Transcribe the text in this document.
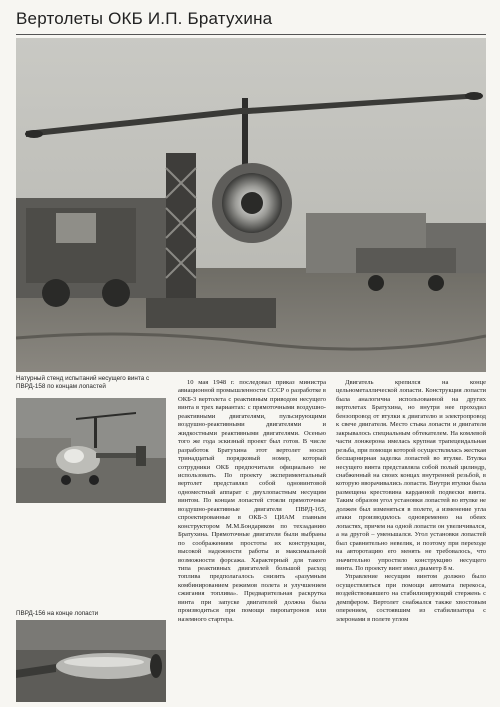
Вертолеты ОКБ И.П. Братухина
Натурный стенд испытаний несущего винта с ПВРД-158 по концам лопастей
ПВРД-156 на конце лопасти

10 мая 1948 г. последовал приказ министра авиационной промышленности СССР о разработке в ОКБ-3 вертолета с реактивным приводом несущего винта в трех вариантах: с прямоточными воздушно-реактивными двигателями, пульсирующими воздушно-реактивными двигателями и жидкостными реактивными двигателями. Осенью того же года эскизный проект был готов. В числе разработок Братухина этот вертолет носил тринадцатый порядковый номер, который сотрудники ОКБ предпочитали официально не использовать. По проекту экспериментальный вертолет представлял собой одновинтовой одноместный аппарат с двухлопастным несущим винтом. По концам лопастей стояли прямоточные воздушно-реактивные двигатели ПВРД-165, спроектированные в ОКБ-3 ЦИАМ главным конструктором М.М.Бондаряком по техзаданию Братухина. Прямоточные двигатели были выбраны по соображениям простоты их конструкции, высокой надежности работы и максимальной возможности форсажа. Характерный для такого типа реактивных двигателей большой расход топлива предполагалось снизить «разумным комбинированием режимов полета и улучшением сжигания топлива». Предварительная раскрутка винта при запуске двигателей должна была производиться при помощи пиропатронов или наземного стартера.

Двигатель крепился на конце цельнометаллической лопасти. Конструкция лопасти была аналогична использованной на других вертолетах Братухина, но внутри нее проходил бензопровод от втулки к двигателю и электропровод к свече двигателя. Место стыка лопасти и двигателя закрывалось специальным обтекателем. На комлевой части лонжерона имелась крупная трапецеидальная резьба, при помощи которой осуществлялась жесткая бесшарнирная заделка лопастей во втулке. Втулка несущего винта представляла собой полый цилиндр, снабженный на своих концах внутренней резьбой, в которую вворачивались лопасти. Внутри втулки была размещена крестовина карданной подвески винта. Таким образом угол установки лопастей во втулке не должен был изменяться в полете, а изменение угла атаки производилось одновременно на обеих лопастях, причем на одной лопасти он увеличивался, а на другой – уменьшался. Угол установки лопастей был сравнительно невелик, и поэтому при переходе на авторотацию его менять не требовалось, что значительно упростило конструкцию несущего винта. По проекту винт имел диаметр 8 м.

Управление несущим винтом должно было осуществляться при помощи автомата перекоса, воздействовавшего на стабилизирующий стержень с демпфером. Вертолет снабжался также хвостовым оперением, состоявшим из стабилизатора с элеронами в полете углом
